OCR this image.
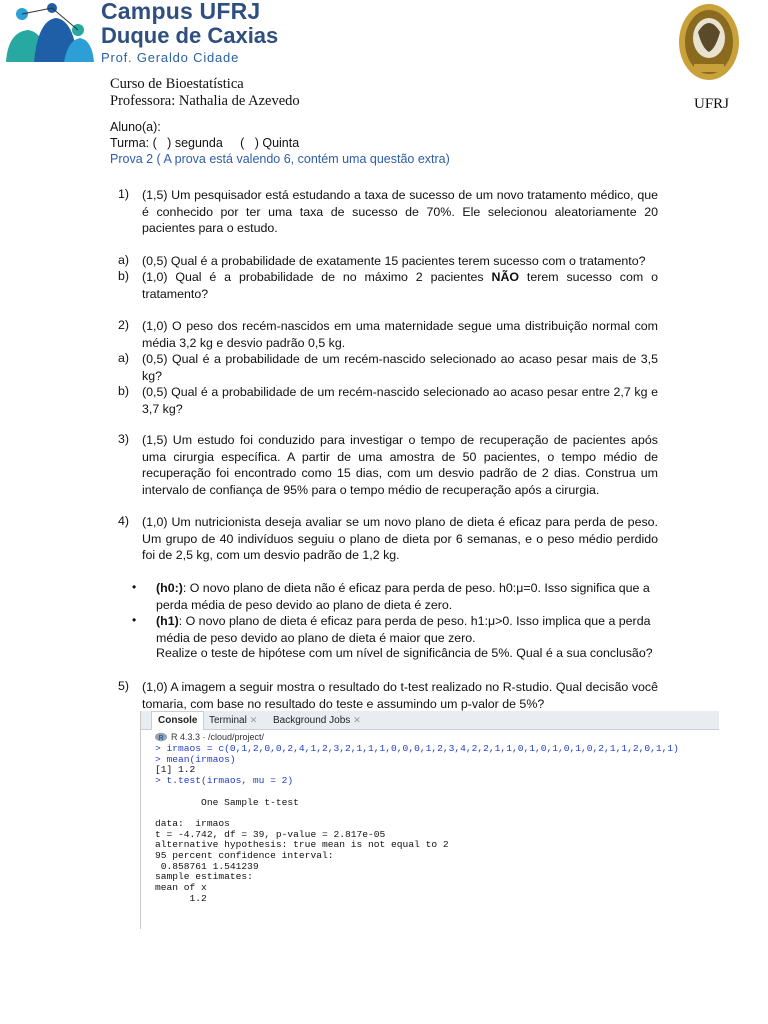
Campus UFRJ
Duque de Caxias
Prof. Geraldo Cidade
UFRJ
Curso de Bioestatística
Professora: Nathalia de Azevedo
Aluno(a):
Turma: (   ) segunda     (   ) Quinta
Prova 2 ( A prova está valendo 6, contém uma questão extra)
1) (1,5) Um pesquisador está estudando a taxa de sucesso de um novo tratamento médico, que é conhecido por ter uma taxa de sucesso de 70%. Ele selecionou aleatoriamente 20 pacientes para o estudo.
a) (0,5) Qual é a probabilidade de exatamente 15 pacientes terem sucesso com o tratamento?
b) (1,0) Qual é a probabilidade de no máximo 2 pacientes NÃO terem sucesso com o tratamento?
2) (1,0) O peso dos recém-nascidos em uma maternidade segue uma distribuição normal com média 3,2 kg e desvio padrão 0,5 kg.
a) (0,5) Qual é a probabilidade de um recém-nascido selecionado ao acaso pesar mais de 3,5 kg?
b) (0,5) Qual é a probabilidade de um recém-nascido selecionado ao acaso pesar entre 2,7 kg e 3,7 kg?
3) (1,5) Um estudo foi conduzido para investigar o tempo de recuperação de pacientes após uma cirurgia específica. A partir de uma amostra de 50 pacientes, o tempo médio de recuperação foi encontrado como 15 dias, com um desvio padrão de 2 dias. Construa um intervalo de confiança de 95% para o tempo médio de recuperação após a cirurgia.
4) (1,0) Um nutricionista deseja avaliar se um novo plano de dieta é eficaz para perda de peso. Um grupo de 40 indivíduos seguiu o plano de dieta por 6 semanas, e o peso médio perdido foi de 2,5 kg, com um desvio padrão de 1,2 kg.
• (h0:): O novo plano de dieta não é eficaz para perda de peso. h0:μ=0. Isso significa que a perda média de peso devido ao plano de dieta é zero.
• (h1): O novo plano de dieta é eficaz para perda de peso. h1:μ>0. Isso implica que a perda média de peso devido ao plano de dieta é maior que zero.
Realize o teste de hipótese com um nível de significância de 5%. Qual é a sua conclusão?
5) (1,0) A imagem a seguir mostra o resultado do t-test realizado no R-studio. Qual decisão você tomaria, com base no resultado do teste e assumindo um p-valor de 5%?
Console	Terminal ✕	Background Jobs ✕
R R 4.3.3 · /cloud/project/
> irmaos = c(0,1,2,0,0,2,4,1,2,3,2,1,1,1,0,0,0,1,2,3,4,2,2,1,1,0,1,0,1,0,1,0,2,1,1,2,0,1,1)
> mean(irmaos)
[1] 1.2
> t.test(irmaos, mu = 2)

One Sample t-test

data:  irmaos
t = -4.742, df = 39, p-value = 2.817e-05
alternative hypothesis: true mean is not equal to 2
95 percent confidence interval:
0.858761 1.541239
sample estimates:
mean of x
1.2
